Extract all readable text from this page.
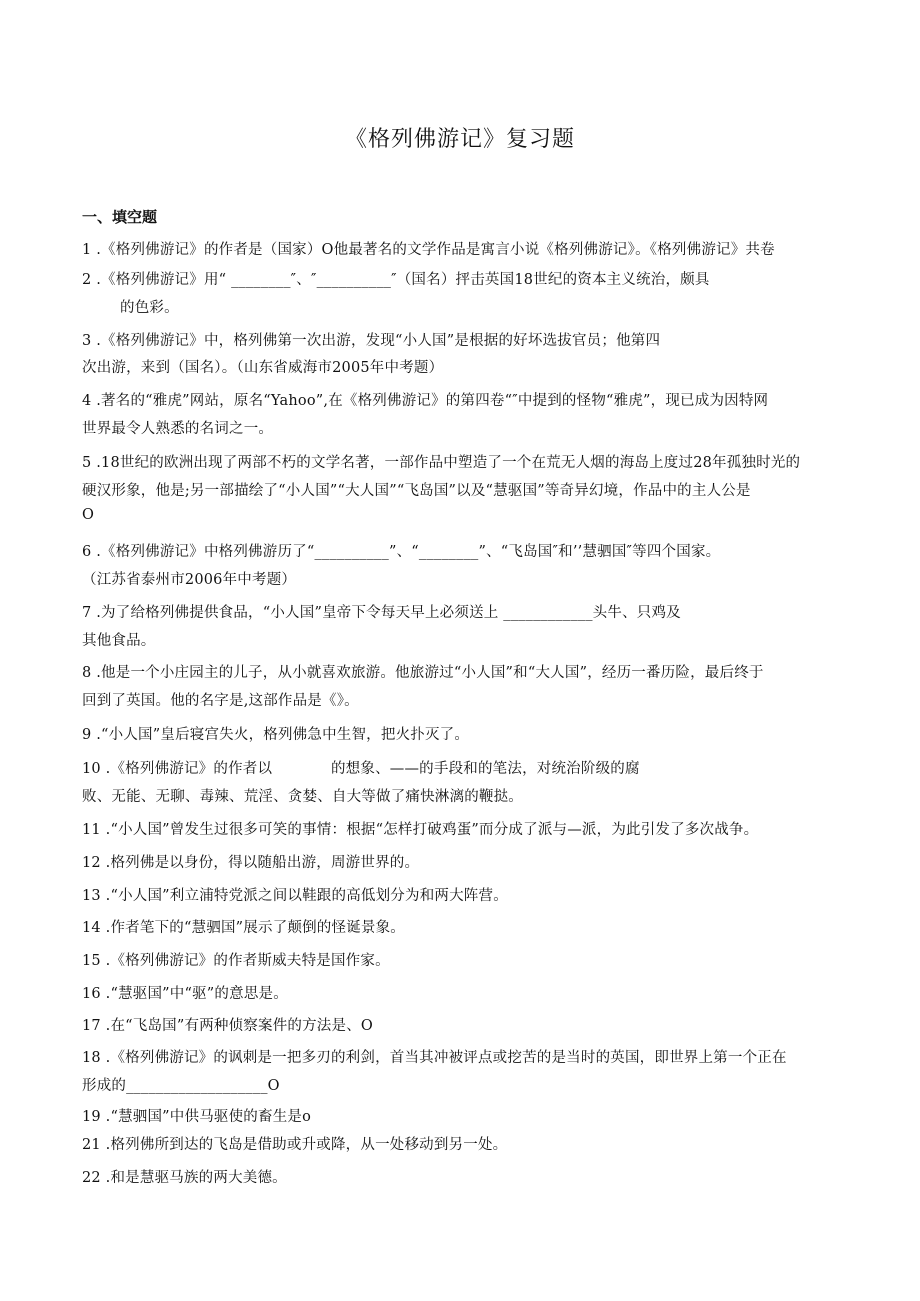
《格列佛游记》复习题
一、填空题
1 .《格列佛游记》的作者是（国家）O他最著名的文学作品是寓言小说《格列佛游记》。《格列佛游记》共卷
2 .《格列佛游记》用“ ________″、″__________″（国名）抨击英国18世纪的资本主义统治，颇具
的色彩。
3 .《格列佛游记》中，格列佛第一次出游，发现“小人国”是根据的好坏选拔官员；他第四
次出游，来到（国名）。（山东省威海市2005年中考题）
4 .著名的“雅虎”网站，原名“Yahoo”,在《格列佛游记》的第四卷“″中提到的怪物“雅虎”，现已成为因特网
世界最令人熟悉的名词之一。
5 .18世纪的欧洲出现了两部不朽的文学名著，一部作品中塑造了一个在荒无人烟的海岛上度过28年孤独时光的
硬汉形象，他是;另一部描绘了“小人国”“大人国”“飞岛国”以及“慧驱国”等奇异幻境，作品中的主人公是
O
6 .《格列佛游记》中格列佛游历了“__________”、“________”、“飞岛国″和’’慧驷国″等四个国家。
（江苏省泰州市2006年中考题）
7 .为了给格列佛提供食品，“小人国”皇帝下令每天早上必须送上 ____________头牛、只鸡及
其他食品。
8 .他是一个小庄园主的儿子，从小就喜欢旅游。他旅游过“小人国”和“大人国”，经历一番历险，最后终于
回到了英国。他的名字是,这部作品是《》。
9 .“小人国”皇后寝宫失火，格列佛急中生智，把火扑灭了。
10 .《格列佛游记》的作者以　　　　的想象、——的手段和的笔法，对统治阶级的腐
败、无能、无聊、毒辣、荒淫、贪婪、自大等做了痛快淋漓的鞭挞。
11 .“小人国”曾发生过很多可笑的事情：根据“怎样打破鸡蛋”而分成了派与—派，为此引发了多次战争。
12 .格列佛是以身份，得以随船出游，周游世界的。
13 .“小人国”利立浦特党派之间以鞋跟的高低划分为和两大阵营。
14 .作者笔下的“慧驷国”展示了颠倒的怪诞景象。
15 .《格列佛游记》的作者斯威夫特是国作家。
16 .“慧驱国”中“驱”的意思是。
17 .在“飞岛国”有两种侦察案件的方法是、O
18 .《格列佛游记》的讽刺是一把多刃的利剑，首当其冲被评点或挖苦的是当时的英国，即世界上第一个正在
形成的___________________O
19 .“慧驷国”中供马驱使的畜生是o
21 .格列佛所到达的飞岛是借助或升或降，从一处移动到另一处。
22 .和是慧驱马族的两大美德。
